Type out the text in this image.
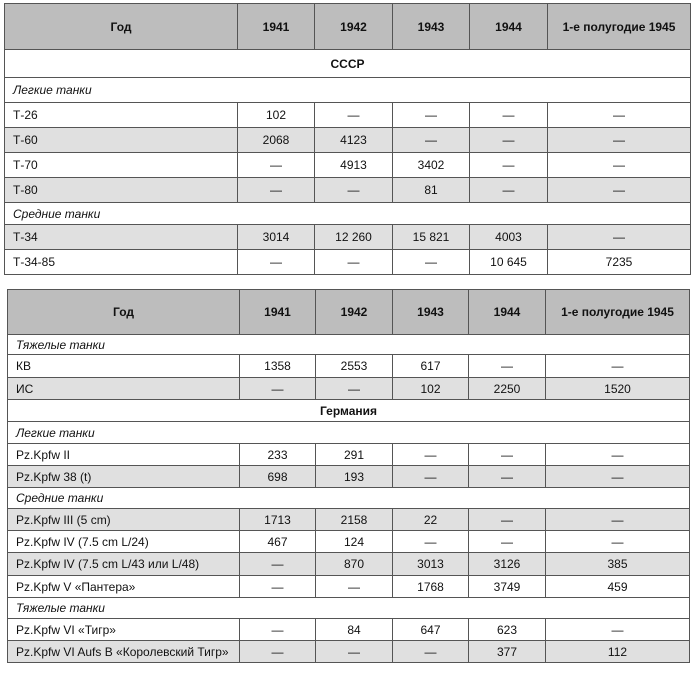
Год	1941	1942	1943	1944	1-е полугодие 1945
СССР					
Легкие танки					
Т-26	102	—	—	—	—
Т-60	2068	4123	—	—	—
Т-70	—	4913	3402	—	—
Т-80	—	—	81	—	—
Средние танки					
Т-34	3014	12 260	15 821	4003	—
Т-34-85	—	—	—	10 645	7235
Год	1941	1942	1943	1944	1-е полугодие 1945
Тяжелые танки					
КВ	1358	2553	617	—	—
ИС	—	—	102	2250	1520
Германия					
Легкие танки					
Pz.Kpfw II	233	291	—	—	—
Pz.Kpfw 38 (t)	698	193	—	—	—
Средние танки					
Pz.Kpfw III (5 cm)	1713	2158	22	—	—
Pz.Kpfw IV (7.5 cm L/24)	467	124	—	—	—
Pz.Kpfw IV (7.5 cm L/43 или L/48)	—	870	3013	3126	385
Pz.Kpfw V «Пантера»	—	—	1768	3749	459
Тяжелые танки					
Pz.Kpfw VI «Тигр»	—	84	647	623	—
Pz.Kpfw VI Aufs B «Королевский Тигр»	—	—	—	377	112
